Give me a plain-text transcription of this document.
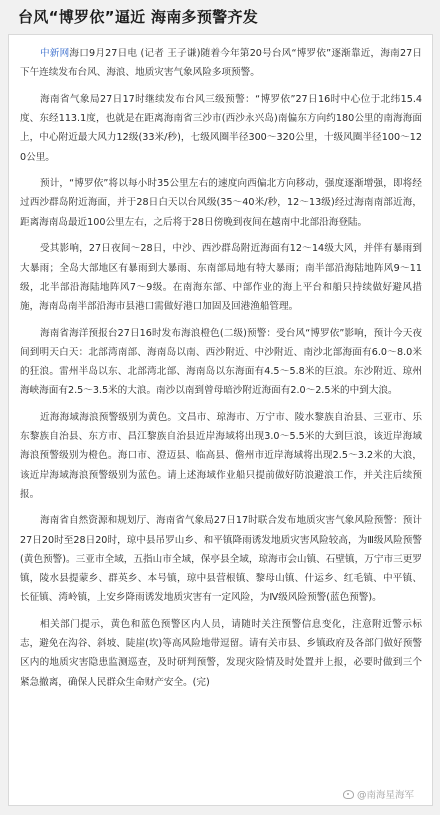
台风“博罗依”逼近 海南多预警齐发

中新网海口9月27日电 (记者 王子谦)随着今年第20号台风“博罗依”逐渐靠近，海南27日下午连续发布台风、海浪、地质灾害气象风险多项预警。

海南省气象局27日17时继续发布台风三级预警：“博罗依”27日16时中心位于北纬15.4度、东经113.1度，也就是在距离海南省三沙市(西沙永兴岛)南偏东方向约180公里的南海海面上，中心附近最大风力12级(33米/秒)，七级风圈半径300～320公里，十级风圈半径100～120公里。

预计，“博罗依”将以每小时35公里左右的速度向西偏北方向移动，强度逐渐增强，即将经过西沙群岛附近海面，并于28日白天以台风级(35～40米/秒，12～13级)经过海南南部近海，距离海南岛最近100公里左右，之后将于28日傍晚到夜间在越南中北部沿海登陆。

受其影响，27日夜间～28日，中沙、西沙群岛附近海面有12～14级大风，并伴有暴雨到大暴雨；全岛大部地区有暴雨到大暴雨、东南部局地有特大暴雨；南半部沿海陆地阵风9～11级，北半部沿海陆地阵风7～9级。在南海东部、中部作业的海上平台和船只持续做好避风措施，海南岛南半部沿海市县港口需做好港口加固及回港渔船管理。

海南省海洋预报台27日16时发布海浪橙色(二级)预警：受台风“博罗依”影响，预计今天夜间到明天白天：北部湾南部、海南岛以南、西沙附近、中沙附近、南沙北部海面有6.0～8.0米的狂浪。雷州半岛以东、北部湾北部、海南岛以东海面有4.5～5.8米的巨浪。东沙附近、琼州海峡海面有2.5～3.5米的大浪。南沙以南到曾母暗沙附近海面有2.0～2.5米的中到大浪。

近海海域海浪预警级别为黄色。文昌市、琼海市、万宁市、陵水黎族自治县、三亚市、乐东黎族自治县、东方市、昌江黎族自治县近岸海域将出现3.0～5.5米的大到巨浪，该近岸海域海浪预警级别为橙色。海口市、澄迈县、临高县、儋州市近岸海域将出现2.5～3.2米的大浪，该近岸海域海浪预警级别为蓝色。请上述海域作业船只提前做好防浪避浪工作，并关注后续预报。

海南省自然资源和规划厅、海南省气象局27日17时联合发布地质灾害气象风险预警：预计27日20时至28日20时，琼中县吊罗山乡、和平镇降雨诱发地质灾害风险较高，为Ⅲ级风险预警(黄色预警)。三亚市全域，五指山市全域，保亭县全域，琼海市会山镇、石壁镇，万宁市三更罗镇，陵水县提蒙乡、群英乡、本号镇，琼中县营根镇、黎母山镇、什运乡、红毛镇、中平镇、长征镇、湾岭镇，上安乡降雨诱发地质灾害有一定风险，为Ⅳ级风险预警(蓝色预警)。

相关部门提示，黄色和蓝色预警区内人员，请随时关注预警信息变化，注意附近警示标志，避免在沟谷、斜坡、陡崖(坎)等高风险地带逗留。请有关市县、乡镇政府及各部门做好预警区内的地质灾害隐患监测巡查，及时研判预警，发现灾险情及时处置并上报，必要时做到三个紧急撤离，确保人民群众生命财产安全。(完)

@南海星海军
